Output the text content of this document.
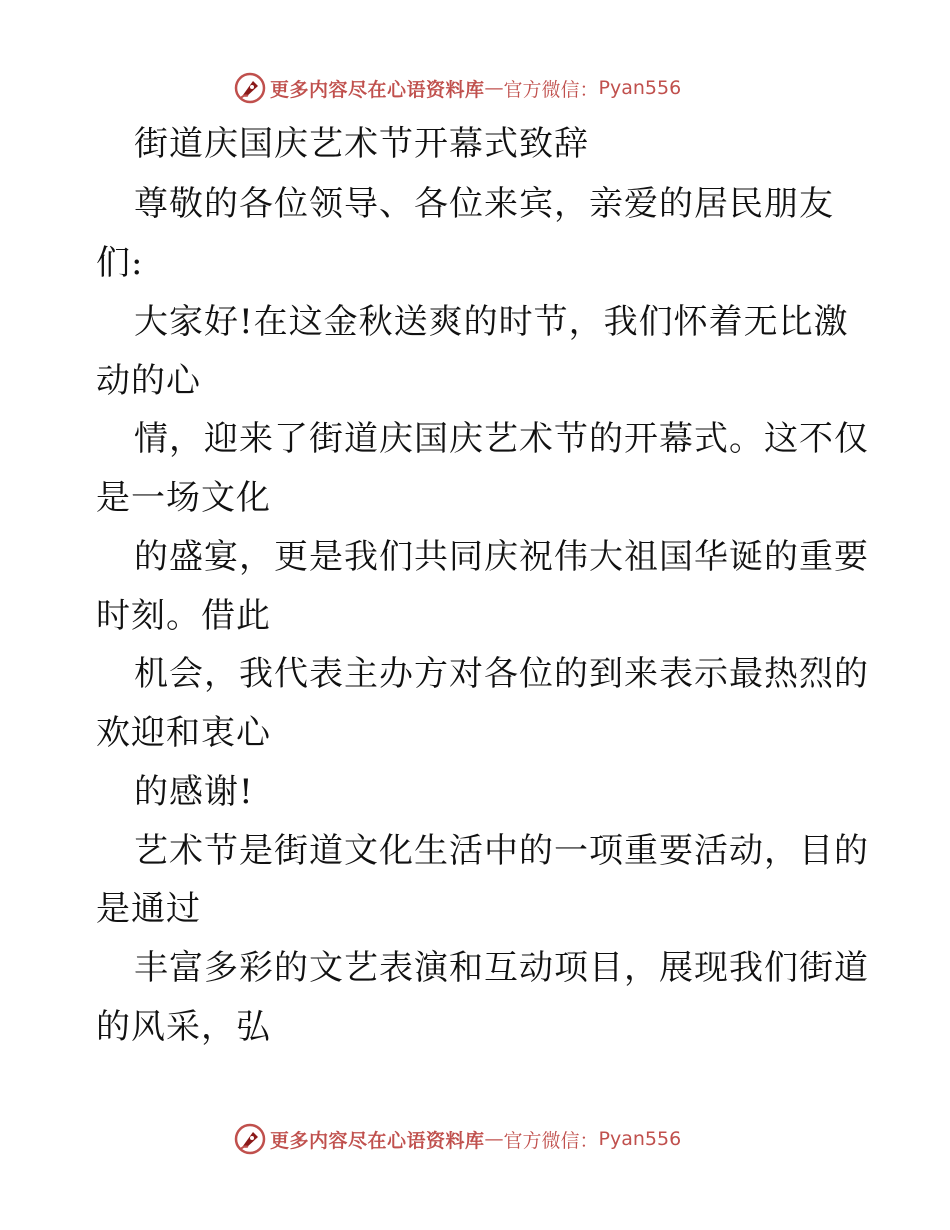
更多内容尽在心语资料库 — 官方微信： Pyan556
街道庆国庆艺术节开幕式致辞
尊敬的各位领导、各位来宾，亲爱的居民朋友
们:
大家好!在这金秋送爽的时节，我们怀着无比激
动的心
情，迎来了街道庆国庆艺术节的开幕式。这不仅
是一场文化
的盛宴，更是我们共同庆祝伟大祖国华诞的重要
时刻。借此
机会，我代表主办方对各位的到来表示最热烈的
欢迎和衷心
的感谢!
艺术节是街道文化生活中的一项重要活动，目的
是通过
丰富多彩的文艺表演和互动项目，展现我们街道
的风采，弘
更多内容尽在心语资料库 — 官方微信： Pyan556
